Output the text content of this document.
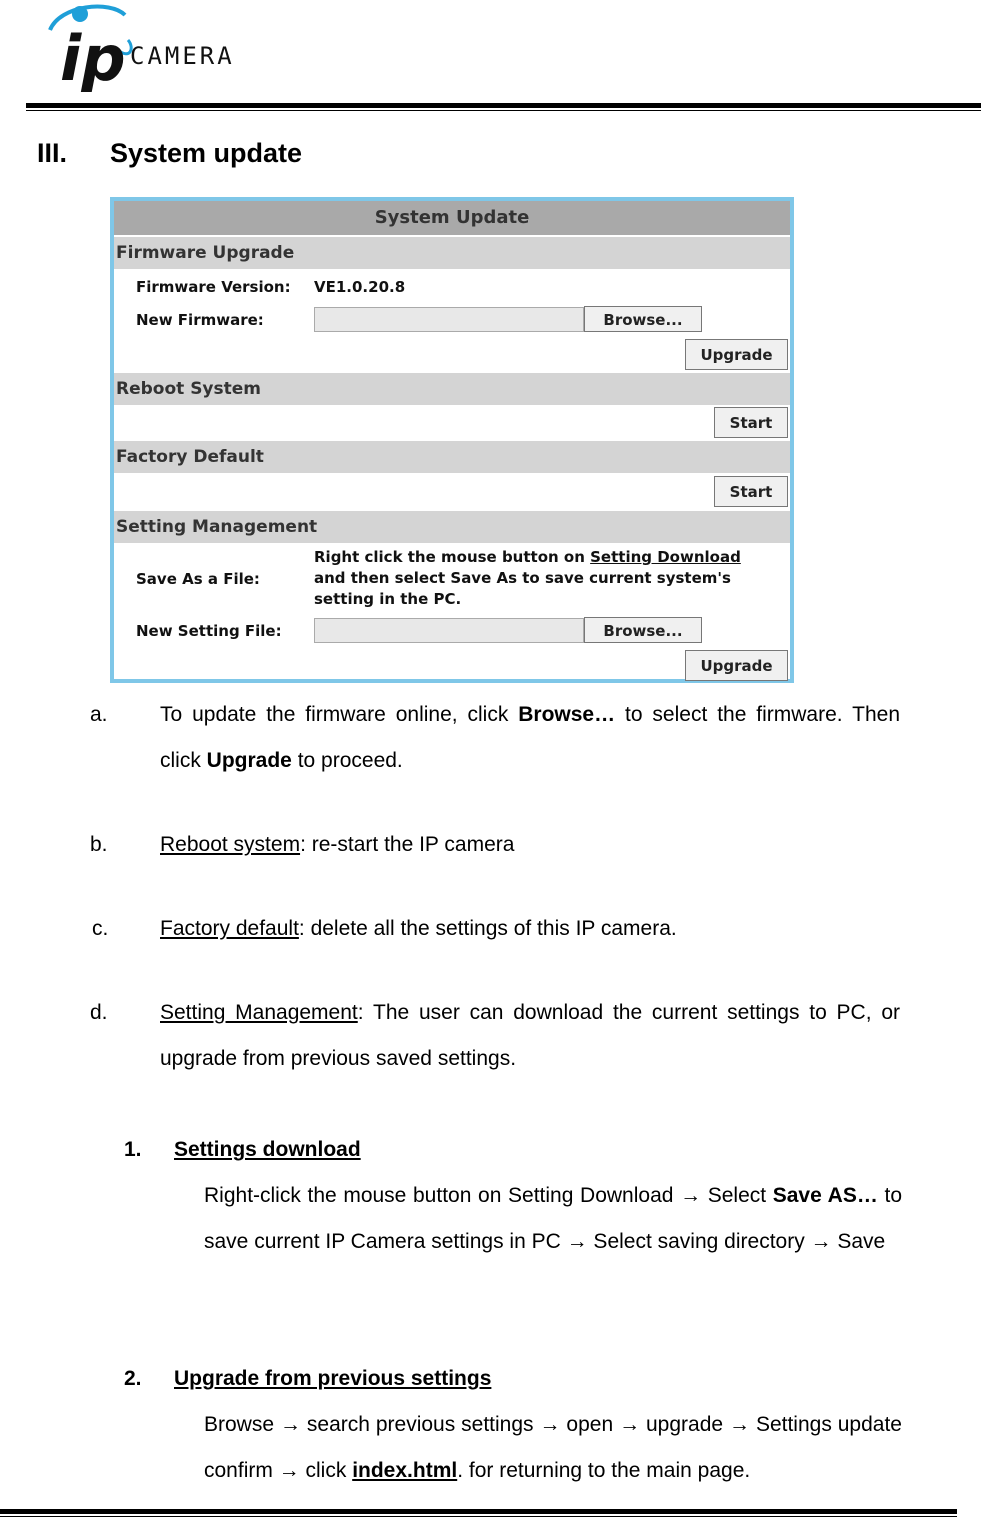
ip CAMERA
III. System update
System Update
Firmware Upgrade
Firmware Version: VE1.0.20.8
New Firmware:	Browse...
Upgrade
Reboot System
Start
Factory Default
Start
Setting Management
Save As a File:
Right click the mouse button on Setting Download and then select Save As to save current system's setting in the PC.
New Setting File:	Browse...
Upgrade
a. To update the firmware online, click Browse… to select the firmware. Then click Upgrade to proceed.
b. Reboot system: re-start the IP camera
c. Factory default: delete all the settings of this IP camera.
d. Setting Management: The user can download the current settings to PC, or upgrade from previous saved settings.
1. Settings download
Right-click the mouse button on Setting Download → Select Save AS… to save current IP Camera settings in PC → Select saving directory → Save
2. Upgrade from previous settings
Browse → search previous settings → open → upgrade → Settings update confirm → click index.html. for returning to the main page.
